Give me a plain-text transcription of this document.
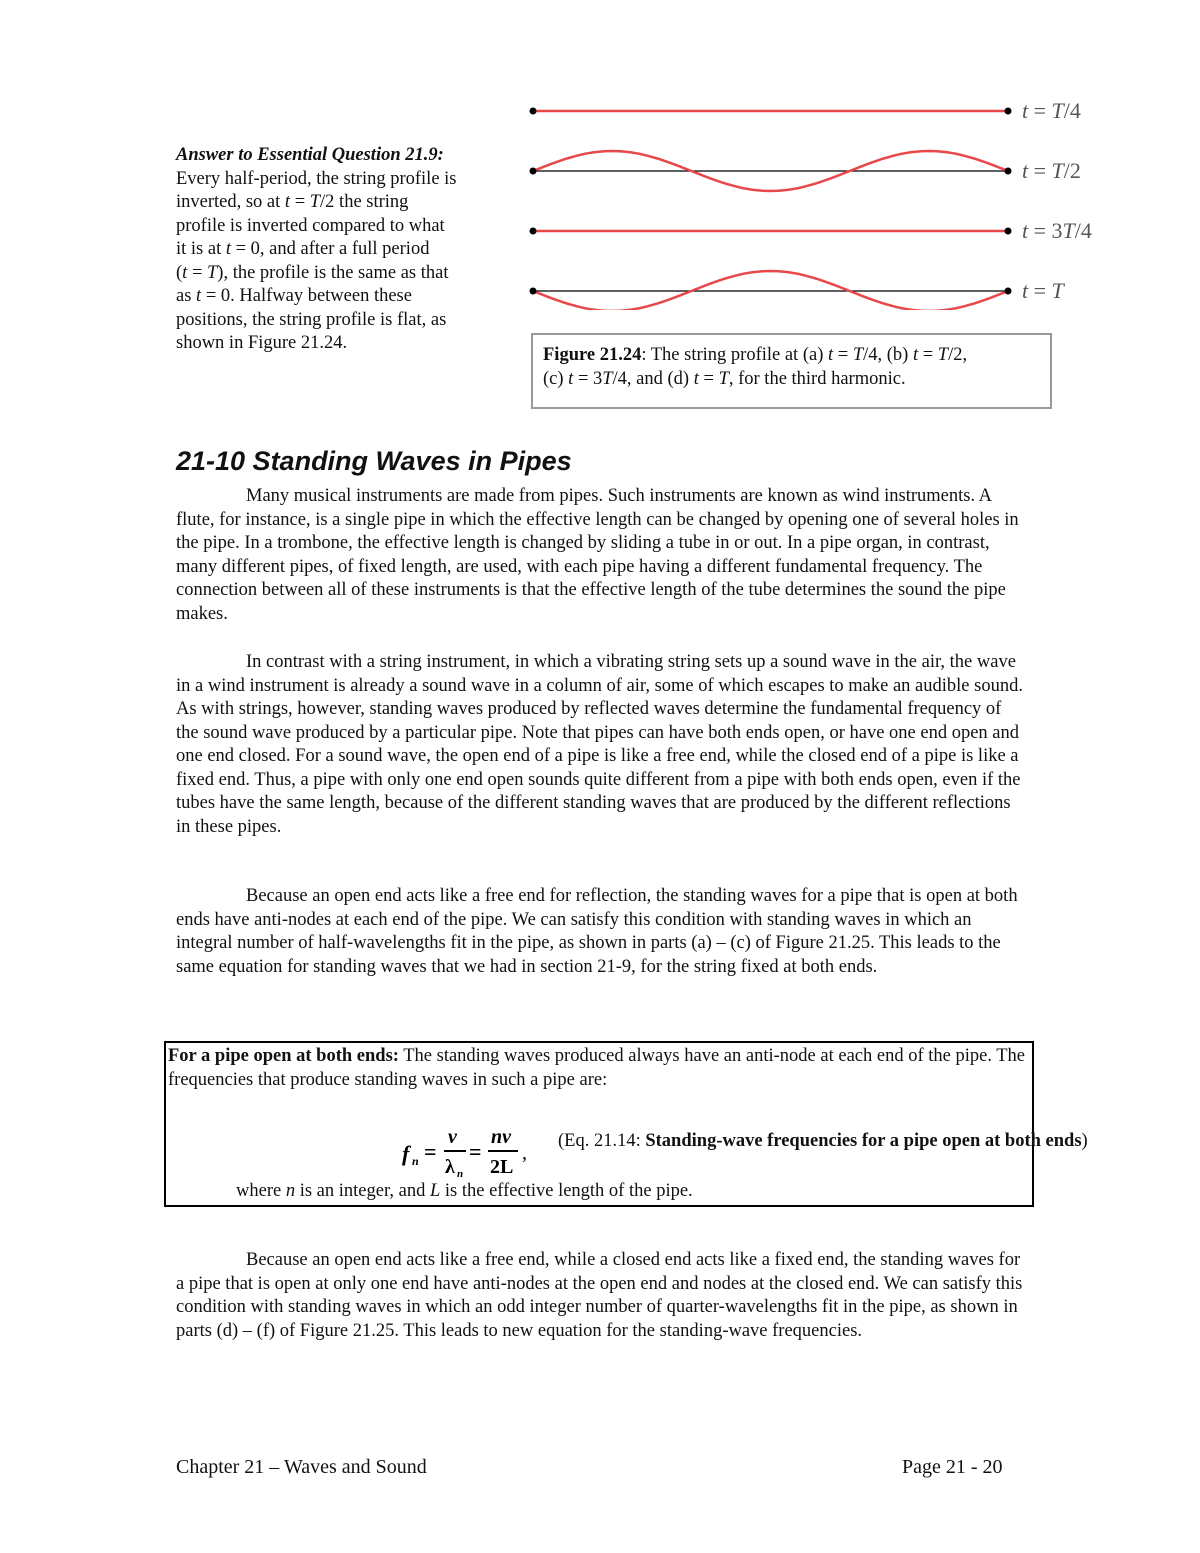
Answer to Essential Question 21.9:
Every half-period, the string profile is
inverted, so at t = T/2 the string
profile is inverted compared to what
it is at t = 0, and after a full period
(t = T), the profile is the same as that
as t = 0. Halfway between these
positions, the string profile is flat, as
shown in Figure 21.24.
t = T/4
t = T/2
t = 3T/4
t = T
Figure 21.24: The string profile at (a) t = T/4, (b) t = T/2,
(c) t = 3T/4, and (d) t = T, for the third harmonic.
21-10 Standing Waves in Pipes

Many musical instruments are made from pipes. Such instruments are known as wind instruments. A flute, for instance, is a single pipe in which the effective length can be changed by opening one of several holes in the pipe. In a trombone, the effective length is changed by sliding a tube in or out. In a pipe organ, in contrast, many different pipes, of fixed length, are used, with each pipe having a different fundamental frequency. The connection between all of these instruments is that the effective length of the tube determines the sound the pipe makes.

In contrast with a string instrument, in which a vibrating string sets up a sound wave in the air, the wave in a wind instrument is already a sound wave in a column of air, some of which escapes to make an audible sound. As with strings, however, standing waves produced by reflected waves determine the fundamental frequency of the sound wave produced by a particular pipe. Note that pipes can have both ends open, or have one end open and one end closed. For a sound wave, the open end of a pipe is like a free end, while the closed end of a pipe is like a fixed end. Thus, a pipe with only one end open sounds quite different from a pipe with both ends open, even if the tubes have the same length, because of the different standing waves that are produced by the different reflections in these pipes.

Because an open end acts like a free end for reflection, the standing waves for a pipe that is open at both ends have anti-nodes at each end of the pipe. We can satisfy this condition with standing waves in which an integral number of half-wavelengths fit in the pipe, as shown in parts (a) – (c) of Figure 21.25. This leads to the same equation for standing waves that we had in section 21-9, for the string fixed at both ends.

For a pipe open at both ends: The standing waves produced always have an anti-node at each end of the pipe. The frequencies that produce standing waves in such a pipe are:
f n =
v
λ n
=
nv
2L
,
(Eq. 21.14: Standing-wave frequencies for a pipe open at both ends)
where n is an integer, and L is the effective length of the pipe.

Because an open end acts like a free end, while a closed end acts like a fixed end, the standing waves for a pipe that is open at only one end have anti-nodes at the open end and nodes at the closed end. We can satisfy this condition with standing waves in which an odd integer number of quarter-wavelengths fit in the pipe, as shown in parts (d) – (f) of Figure 21.25. This leads to new equation for the standing-wave frequencies.

Chapter 21 – Waves and Sound	Page 21 - 20
